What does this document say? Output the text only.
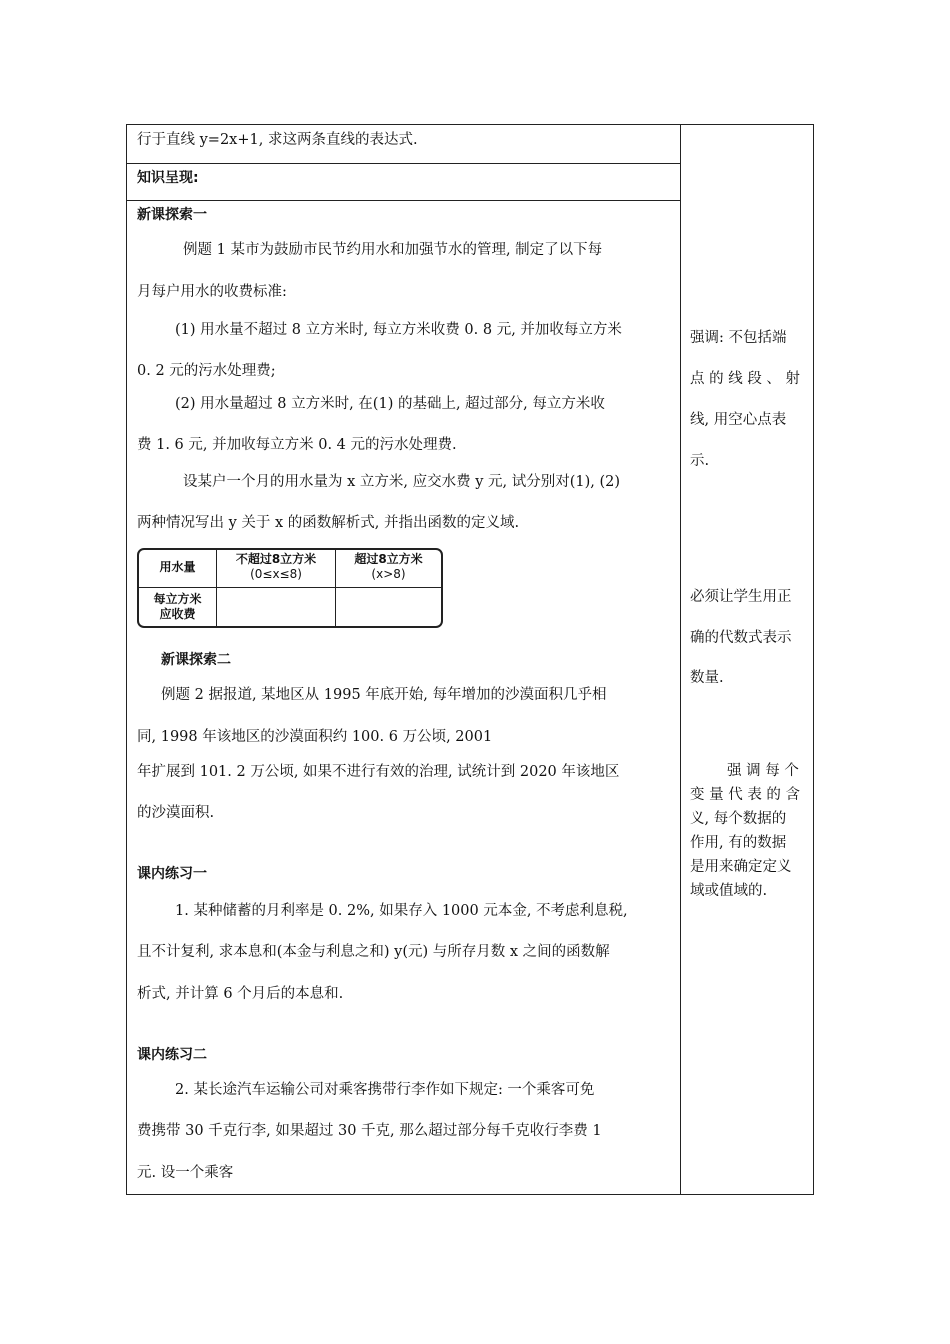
行于直线 y=2x+1, 求这两条直线的表达式.
知识呈现:
新课探索一
例题 1 某市为鼓励市民节约用水和加强节水的管理, 制定了以下每
月每户用水的收费标准:
(1) 用水量不超过 8 立方米时, 每立方米收费 0. 8 元, 并加收每立方米
0. 2 元的污水处理费;
(2) 用水量超过 8 立方米时, 在(1) 的基础上, 超过部分, 每立方米收
费 1. 6 元, 并加收每立方米 0. 4 元的污水处理费.
设某户一个月的用水量为 x 立方米, 应交水费 y 元, 试分别对(1), (2)
两种情况写出 y 关于 x 的函数解析式, 并指出函数的定义域.
用水量
不超过8立方米
(0≤x≤8)
超过8立方米
(x>8)
每立方米
应收费
新课探索二
例题 2 据报道, 某地区从 1995 年底开始, 每年增加的沙漠面积几乎相
同, 1998 年该地区的沙漠面积约 100. 6 万公顷, 2001
年扩展到 101. 2 万公顷, 如果不进行有效的治理, 试统计到 2020 年该地区
的沙漠面积.
课内练习一
1. 某种储蓄的月利率是 0. 2%, 如果存入 1000 元本金, 不考虑利息税,
且不计复利, 求本息和(本金与利息之和) y(元) 与所存月数 x 之间的函数解
析式, 并计算 6 个月后的本息和.
课内练习二
2. 某长途汽车运输公司对乘客携带行李作如下规定: 一个乘客可免
费携带 30 千克行李, 如果超过 30 千克, 那么超过部分每千克收行李费 1
元. 设一个乘客
强调: 不包括端
点 的 线 段 、 射
线, 用空心点表
示.
必须让学生用正
确的代数式表示
数量.
强 调 每 个
变 量 代 表 的 含
义, 每个数据的
作用, 有的数据
是用来确定定义
域或值域的.
